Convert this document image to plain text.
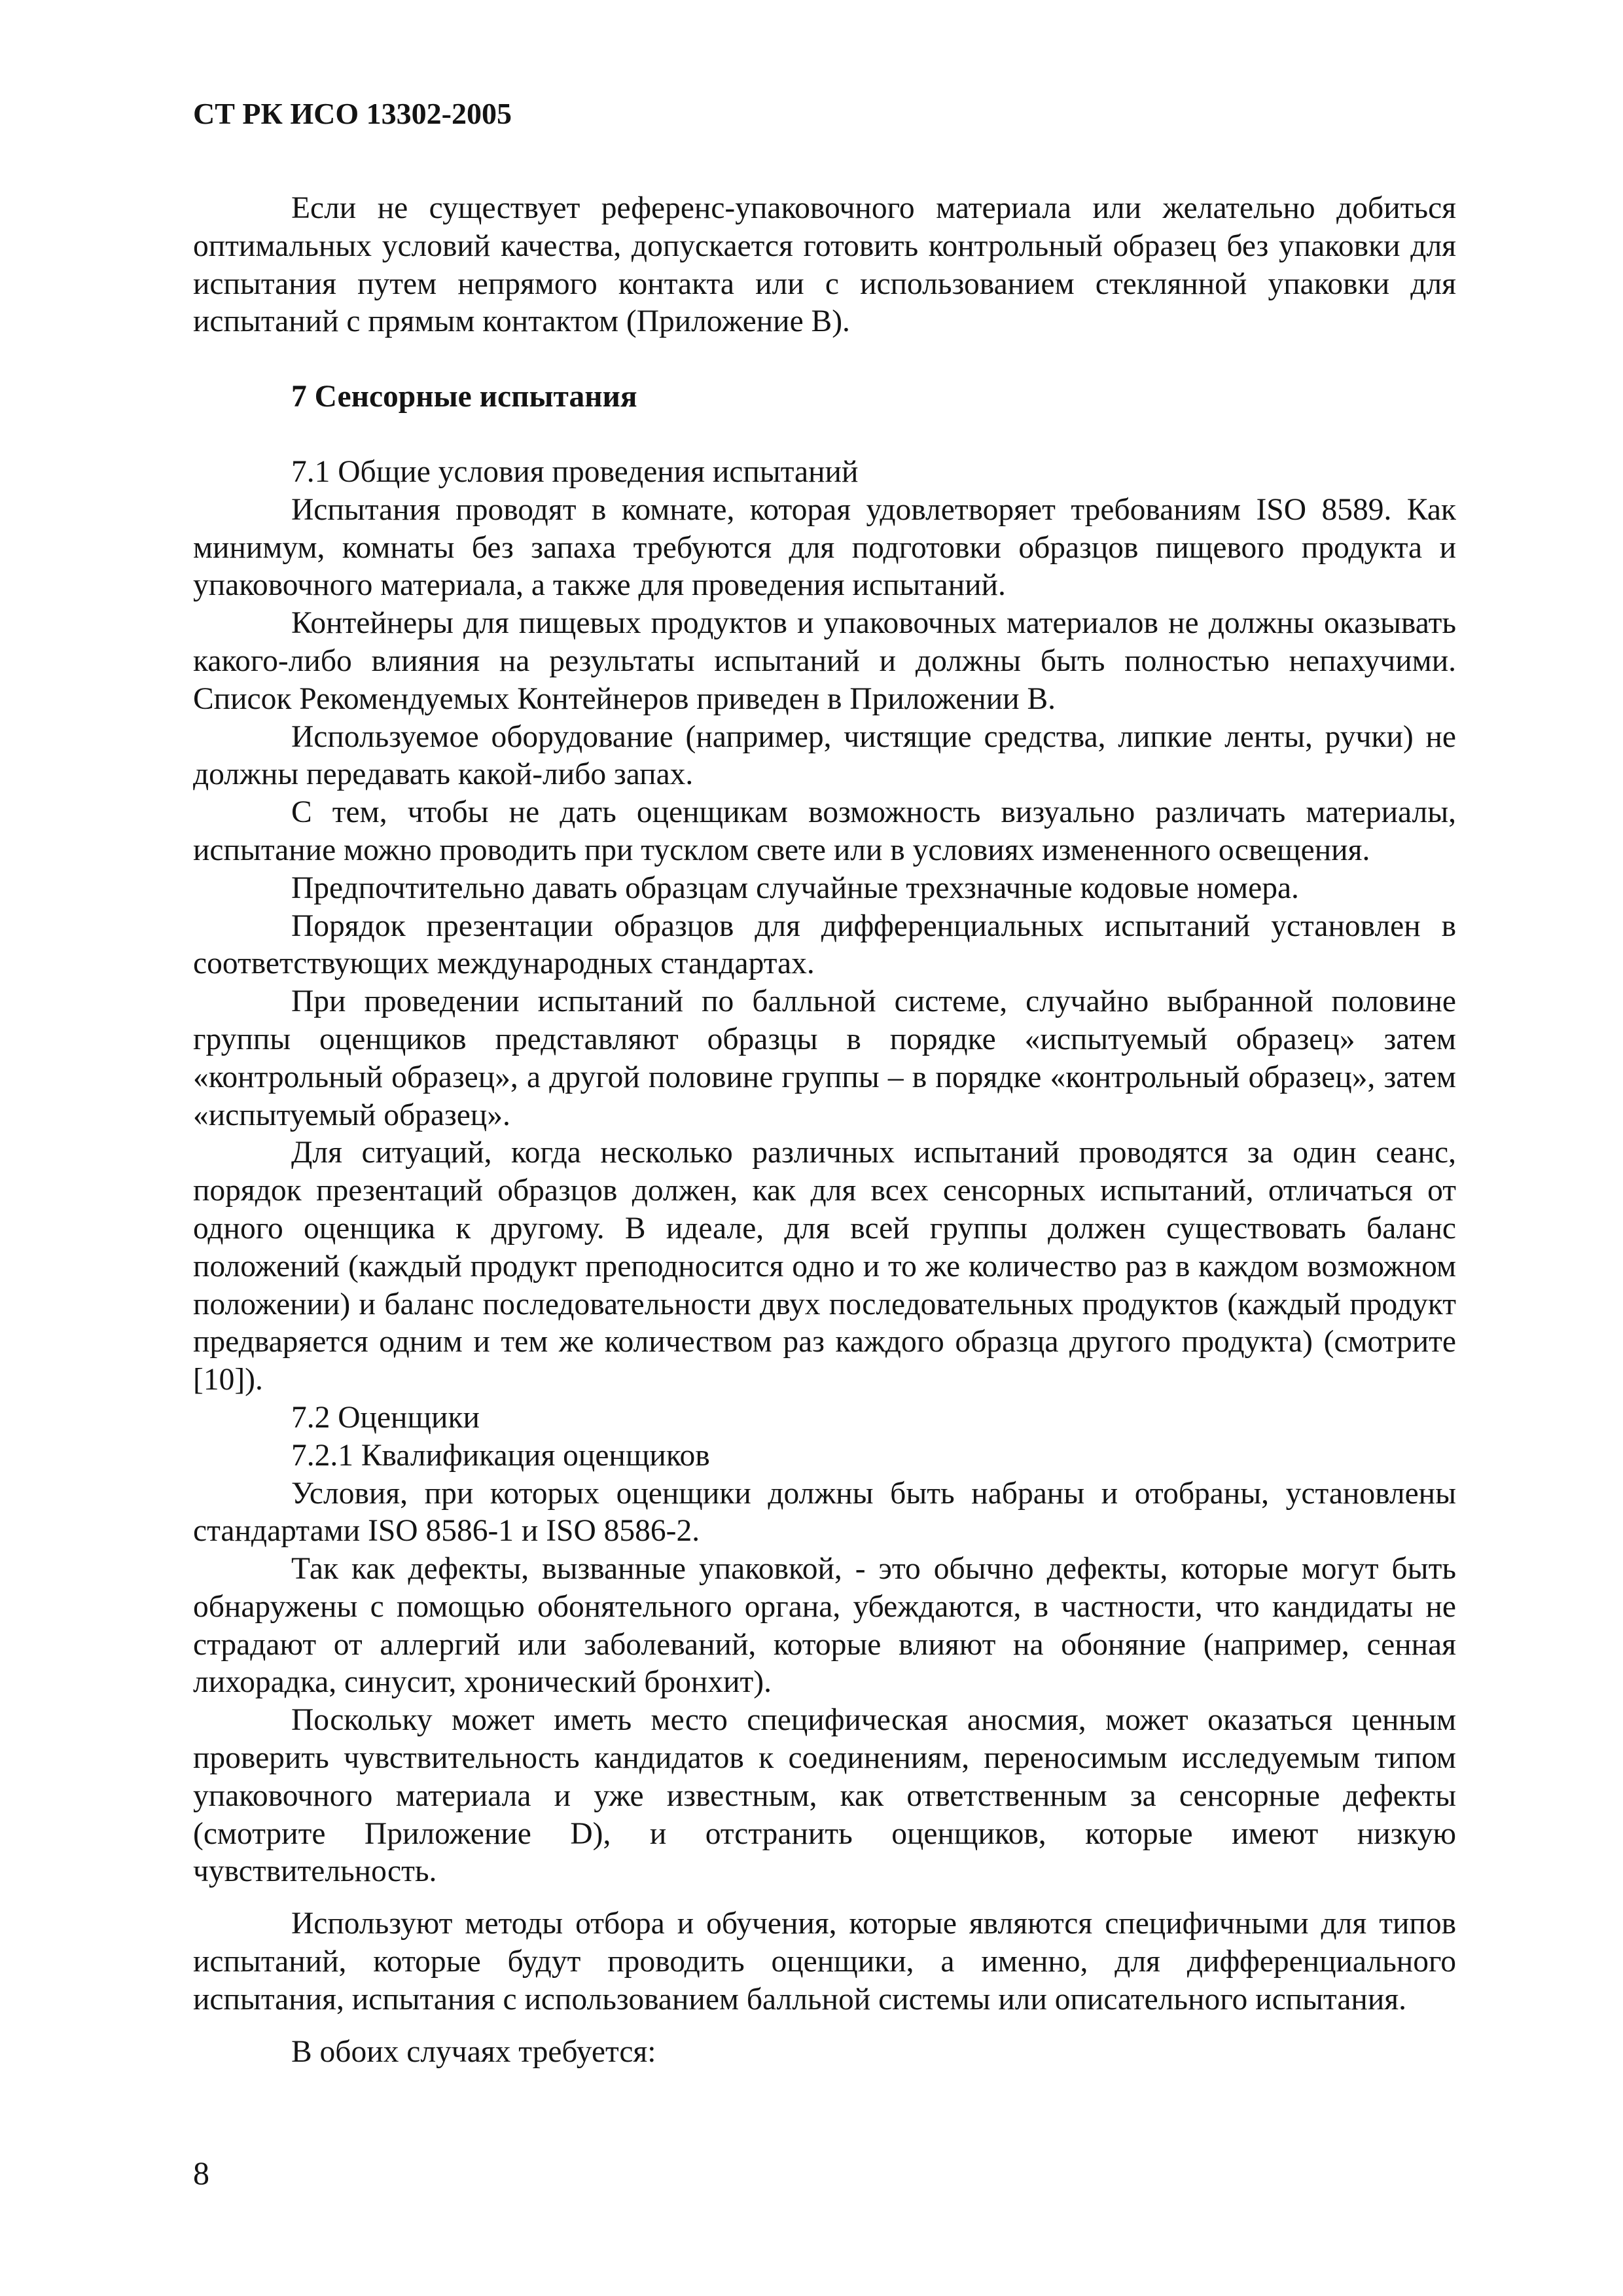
СТ РК ИСО 13302-2005

Если не существует референс-упаковочного материала или желательно добиться оптимальных условий качества, допускается готовить контрольный образец без упаковки для испытания путем непрямого контакта или с использованием стеклянной упаковки для испытаний с прямым контактом (Приложение В).

7 Сенсорные испытания

7.1 Общие условия проведения испытаний

Испытания проводят в комнате, которая удовлетворяет требованиям ISO 8589. Как минимум, комнаты без запаха требуются для подготовки образцов пищевого продукта и упаковочного материала, а также для проведения испытаний.

Контейнеры для пищевых продуктов и упаковочных материалов не должны оказывать какого-либо влияния на результаты испытаний и должны быть полностью непахучими. Список Рекомендуемых Контейнеров приведен в Приложении В.

Используемое оборудование (например, чистящие средства, липкие ленты, ручки) не должны передавать какой-либо запах.

С тем, чтобы не дать оценщикам возможность визуально различать материалы, испытание можно проводить при тусклом свете или в условиях измененного освещения.

Предпочтительно давать образцам случайные трехзначные кодовые номера.

Порядок презентации образцов для дифференциальных испытаний установлен в соответствующих международных стандартах.

При проведении испытаний по балльной системе, случайно выбранной половине группы оценщиков представляют образцы в порядке «испытуемый образец» затем «контрольный образец», а другой половине группы – в порядке «контрольный образец», затем «испытуемый образец».

Для ситуаций, когда несколько различных испытаний проводятся за один сеанс, порядок презентаций образцов должен, как для всех сенсорных испытаний, отличаться от одного оценщика к другому. В идеале, для всей группы должен существовать баланс положений (каждый продукт преподносится одно и то же количество раз в каждом возможном положении) и баланс последовательности двух последовательных продуктов (каждый продукт предваряется одним и тем же количеством раз каждого образца другого продукта) (смотрите [10]).

7.2 Оценщики

7.2.1 Квалификация оценщиков

Условия, при которых оценщики должны быть набраны и отобраны, установлены стандартами ISO 8586-1 и ISO 8586-2.

Так как дефекты, вызванные упаковкой, - это обычно дефекты, которые могут быть обнаружены с помощью обонятельного органа, убеждаются, в частности, что кандидаты не страдают от аллергий или заболеваний, которые влияют на обоняние (например, сенная лихорадка, синусит, хронический бронхит).

Поскольку может иметь место специфическая аносмия, может оказаться ценным проверить чувствительность кандидатов к соединениям, переносимым исследуемым типом упаковочного материала и уже известным, как ответственным за сенсорные дефекты (смотрите Приложение D), и отстранить оценщиков, которые имеют низкую чувствительность.

Используют методы отбора и обучения, которые являются специфичными для типов испытаний, которые будут проводить оценщики, а именно, для дифференциального испытания, испытания с использованием балльной системы или описательного испытания.

В обоих случаях требуется:

8
